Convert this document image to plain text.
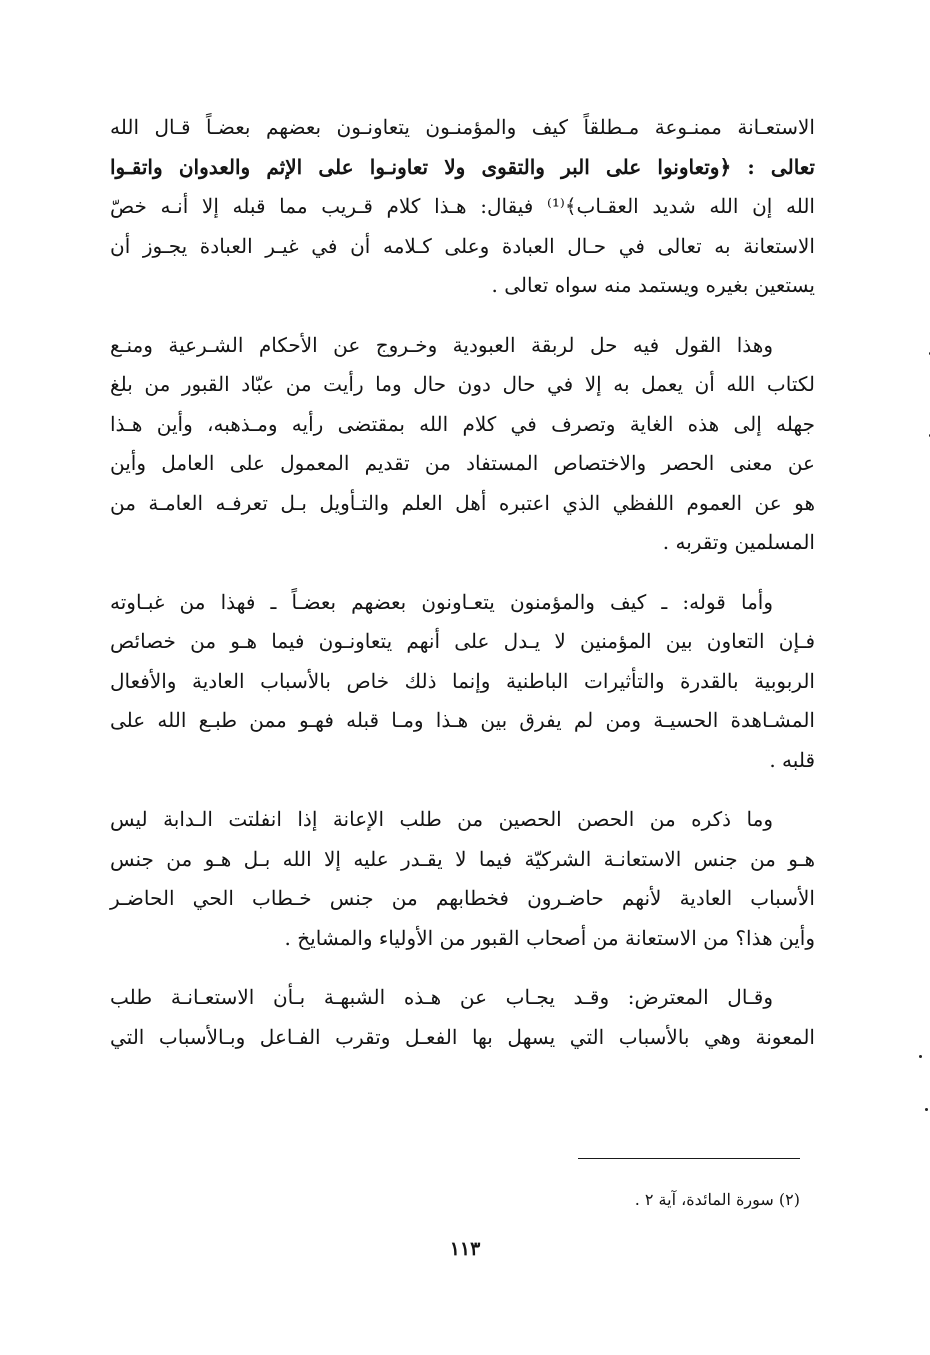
الاستعـانة ممنـوعة مـطلقاً كيف والمؤمنـون يتعاونـون بعضهم بعضـاً قـال الله
تعالى : ﴿وتعاونوا على البر والتقوى ولا تعاونـوا على الإثم والعدوان واتقـوا
الله إن الله شديد العقـاب﴾⁽¹⁾ فيقال: هـذا كلام قـريب مما قبله إلا أنـه خصّ
الاستعانة به تعالى في حـال العبادة وعلى كـلامه أن في غيـر العبادة يجـوز أن
يستعين بغيره ويستمد منه سواه تعالى .

وهذا القول فيه حل لربقة العبودية وخـروج عن الأحكام الشـرعية ومنـع
لكتاب الله أن يعمل به إلا في حال دون حال وما رأيت من عبّاد القبور من بلغ
جهله إلى هذه الغاية وتصرف في كلام الله بمقتضى رأيه ومـذهبه، وأين هـذا
عن معنى الحصر والاختصاص المستفاد من تقديم المعمول على العامل وأين
هو عن العموم اللفظي الذي اعتبره أهل العلم والتـأويل بـل تعرفـه العامـة من
المسلمين وتقربه .

وأما قوله: ـ كيف والمؤمنون يتعـاونون بعضهم بعضـاً ـ فهذا من غبـاوته
فـإن التعاون بين المؤمنين لا يـدل على أنهم يتعاونـون فيما هـو من خصائص
الربوبية بالقدرة والتأثيرات الباطنية وإنما ذلك خاص بالأسباب العادية والأفعال
المشـاهدة الحسيـة ومن لم يفرق بين هـذا ومـا قبله فهـو ممن طبـع الله على
قلبه .

وما ذكره من الحصن الحصين من طلب الإعانة إذا انفلتت الـدابة ليس
هـو من جنس الاستعانـة الشركيّة فيما لا يقـدر عليه إلا الله بـل هـو من جنس
الأسباب العادية لأنهم حاضـرون فخطابهم من جنس خـطاب الحي الحاضـر
وأين هذا؟ من الاستعانة من أصحاب القبور من الأولياء والمشايخ .

وقـال المعترض: وقـد يجـاب عن هـذه الشبهـة بـأن الاستعـانـة طلب
المعونة وهي بالأسباب التي يسهل بها الفعـل وتقرب الفـاعل وبـالأسباب التي

(٢) سورة المائدة، آية ٢ .
١١٣
